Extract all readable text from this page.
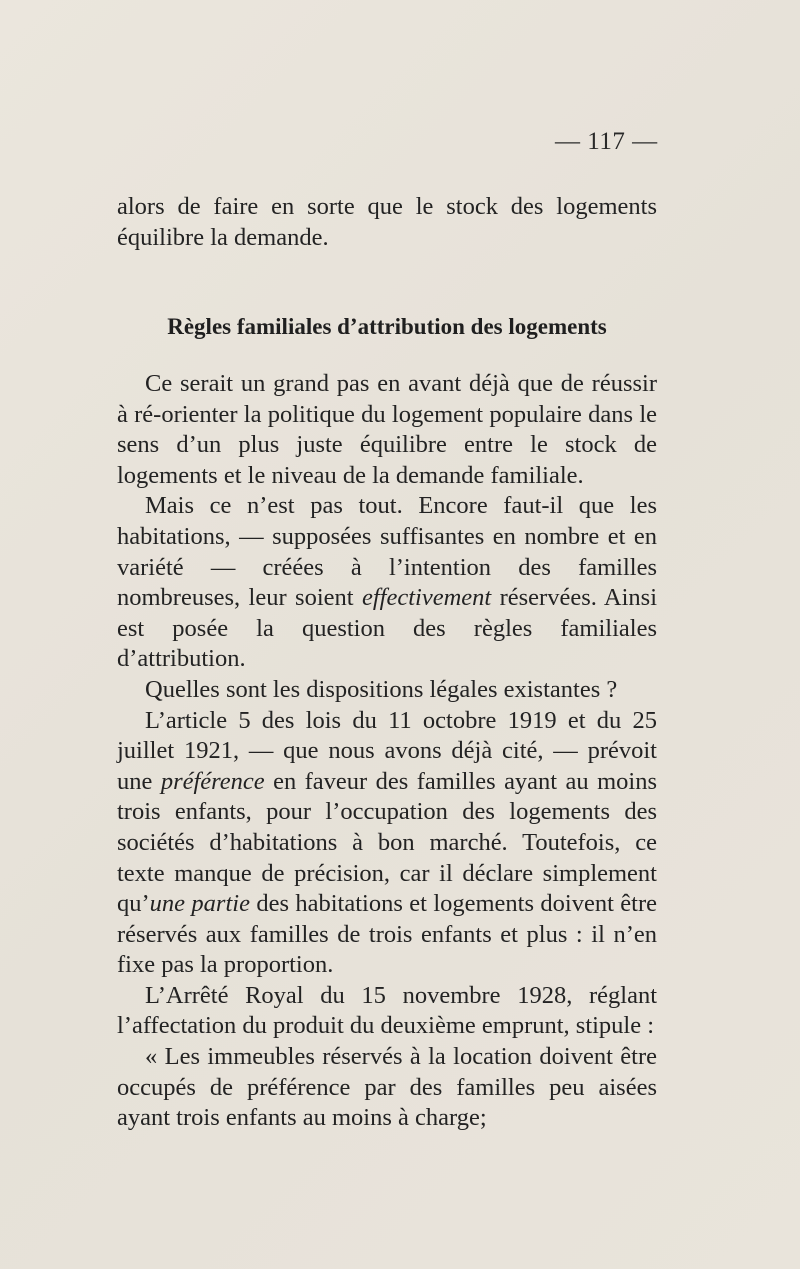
— 117 —

alors de faire en sorte que le stock des logements équilibre la demande.

Règles familiales d’attribution des logements

Ce serait un grand pas en avant déjà que de réussir à ré-orienter la politique du logement populaire dans le sens d’un plus juste équilibre entre le stock de logements et le niveau de la demande familiale.

Mais ce n’est pas tout. Encore faut-il que les habitations, — supposées suffisantes en nombre et en variété — créées à l’intention des familles nombreuses, leur soient effectivement réservées. Ainsi est posée la question des règles familiales d’attribution.

Quelles sont les dispositions légales existantes ?

L’article 5 des lois du 11 octobre 1919 et du 25 juillet 1921, — que nous avons déjà cité, — prévoit une préférence en faveur des familles ayant au moins trois enfants, pour l’occupation des logements des sociétés d’habitations à bon marché. Toutefois, ce texte manque de précision, car il déclare simplement qu’une partie des habitations et logements doivent être réservés aux familles de trois enfants et plus : il n’en fixe pas la proportion.

L’Arrêté Royal du 15 novembre 1928, réglant l’affectation du produit du deuxième emprunt, stipule :

« Les immeubles réservés à la location doivent être occupés de préférence par des familles peu aisées ayant trois enfants au moins à charge;
